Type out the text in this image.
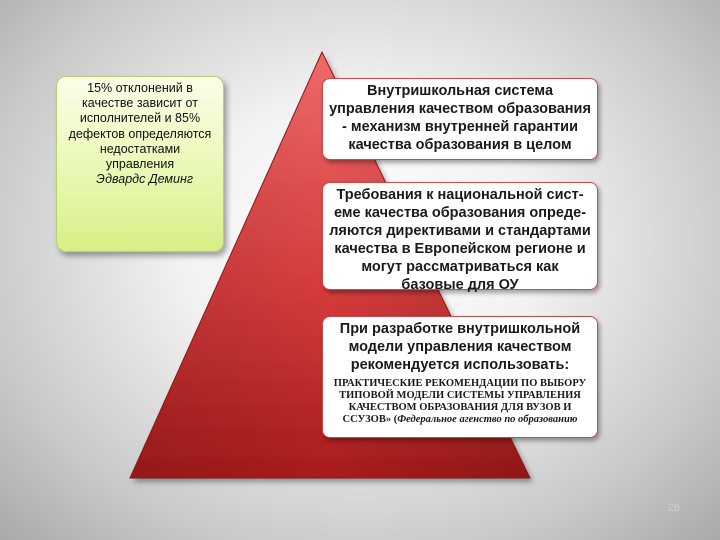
15% отклонений в качестве зависит от исполнителей и 85% дефектов определяются недостатками управления
Эдвардс Деминг
Внутришкольная система управления качеством образования - механизм внутренней гарантии качества образования в целом
Требования к национальной сист-еме качества образования опреде-ляются директивами и стандартами качества в Европейском регионе и могут рассматриваться как базовые для ОУ
При разработке внутришкольной модели управления качеством рекомендуется использовать:
ПРАКТИЧЕСКИЕ РЕКОМЕНДАЦИИ ПО ВЫБОРУ ТИПОВОЙ МОДЕЛИ СИСТЕМЫ УПРАВЛЕНИЯ КАЧЕСТВОМ ОБРАЗОВАНИЯ ДЛЯ ВУЗОВ И
ССУЗОВ» (Федеральное агенство по образованию
26
